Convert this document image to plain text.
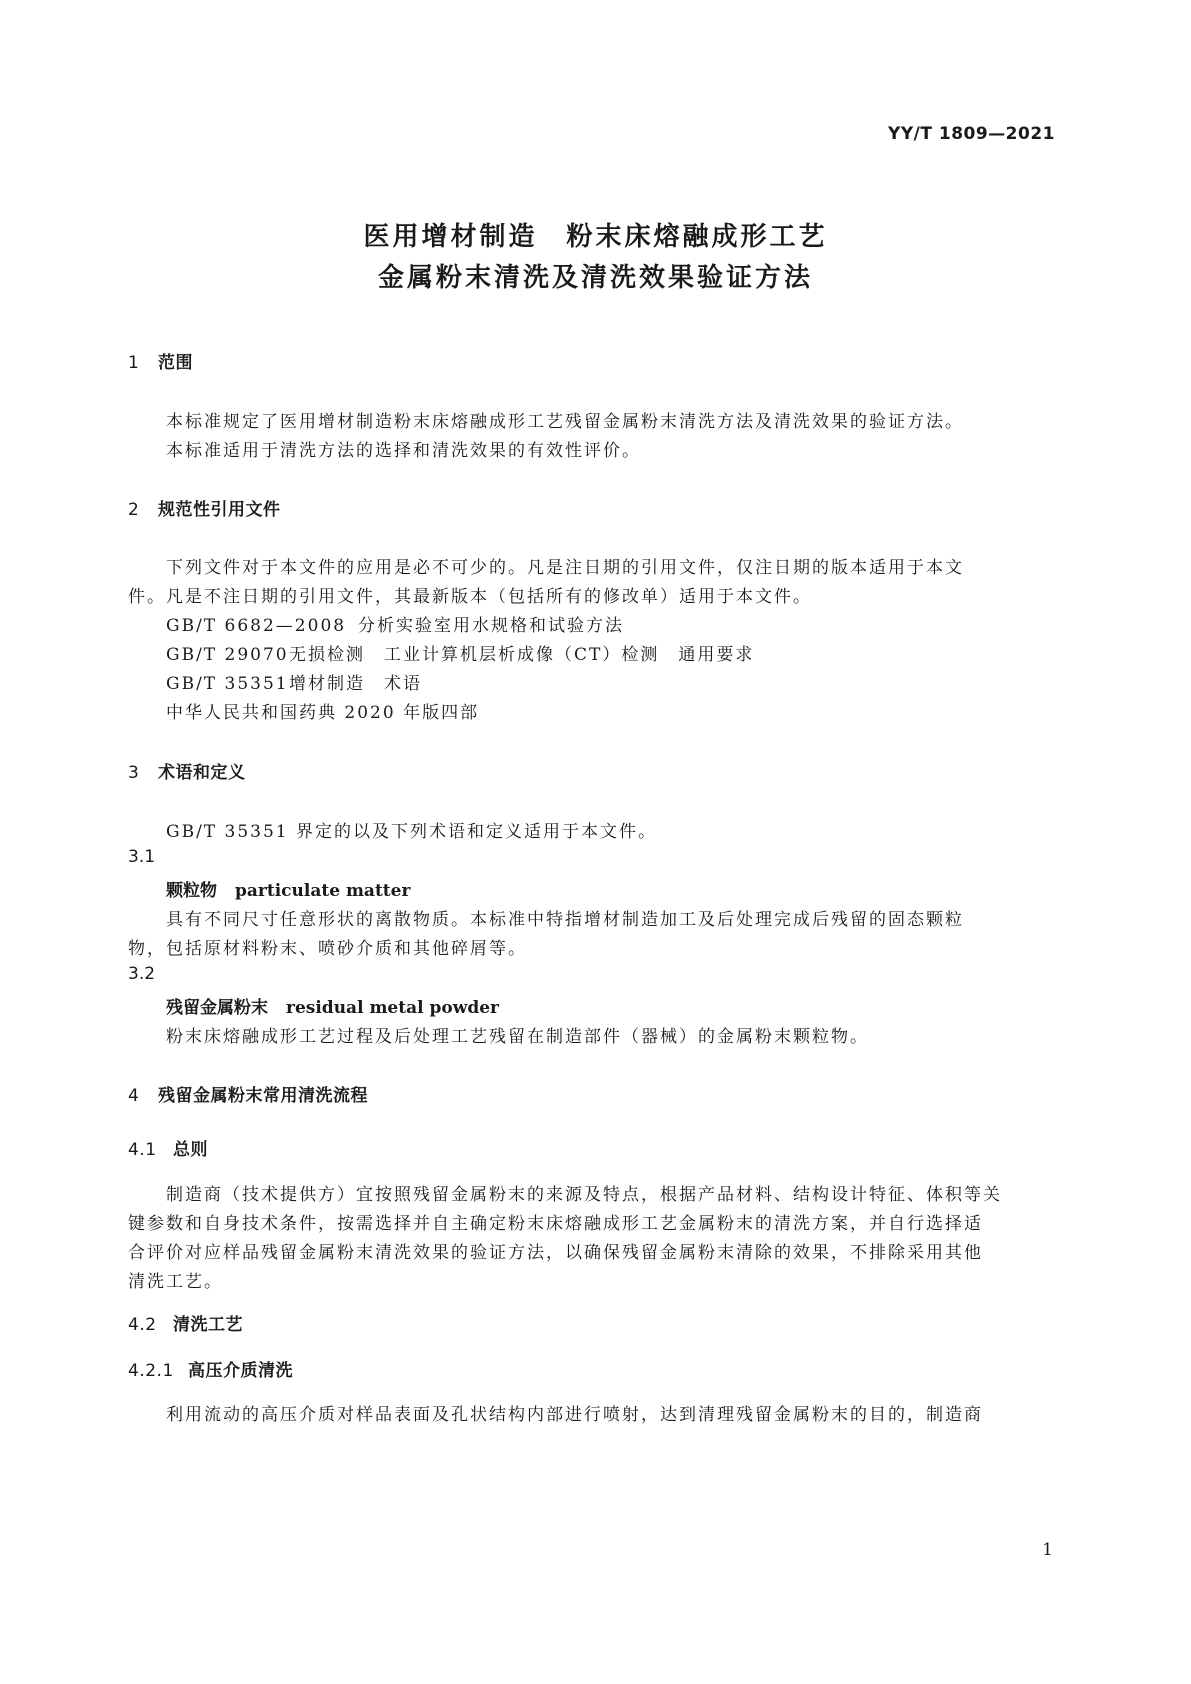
YY/T 1809—2021
医用增材制造　粉末床熔融成形工艺
金属粉末清洗及清洗效果验证方法
1 范围
本标准规定了医用增材制造粉末床熔融成形工艺残留金属粉末清洗方法及清洗效果的验证方法。
本标准适用于清洗方法的选择和清洗效果的有效性评价。
2 规范性引用文件
下列文件对于本文件的应用是必不可少的。凡是注日期的引用文件，仅注日期的版本适用于本文
件。凡是不注日期的引用文件，其最新版本（包括所有的修改单）适用于本文件。
GB/T 6682—2008 分析实验室用水规格和试验方法
GB/T 29070无损检测　工业计算机层析成像（CT）检测　通用要求
GB/T 35351增材制造　术语
中华人民共和国药典 2020 年版四部
3 术语和定义
GB/T 35351 界定的以及下列术语和定义适用于本文件。
3.1
颗粒物 particulate matter
具有不同尺寸任意形状的离散物质。本标准中特指增材制造加工及后处理完成后残留的固态颗粒
物，包括原材料粉末、喷砂介质和其他碎屑等。
3.2
残留金属粉末 residual metal powder
粉末床熔融成形工艺过程及后处理工艺残留在制造部件（器械）的金属粉末颗粒物。
4 残留金属粉末常用清洗流程
4.1 总则
制造商（技术提供方）宜按照残留金属粉末的来源及特点，根据产品材料、结构设计特征、体积等关
键参数和自身技术条件，按需选择并自主确定粉末床熔融成形工艺金属粉末的清洗方案，并自行选择适
合评价对应样品残留金属粉末清洗效果的验证方法，以确保残留金属粉末清除的效果，不排除采用其他
清洗工艺。
4.2 清洗工艺
4.2.1 高压介质清洗
利用流动的高压介质对样品表面及孔状结构内部进行喷射，达到清理残留金属粉末的目的，制造商
1
